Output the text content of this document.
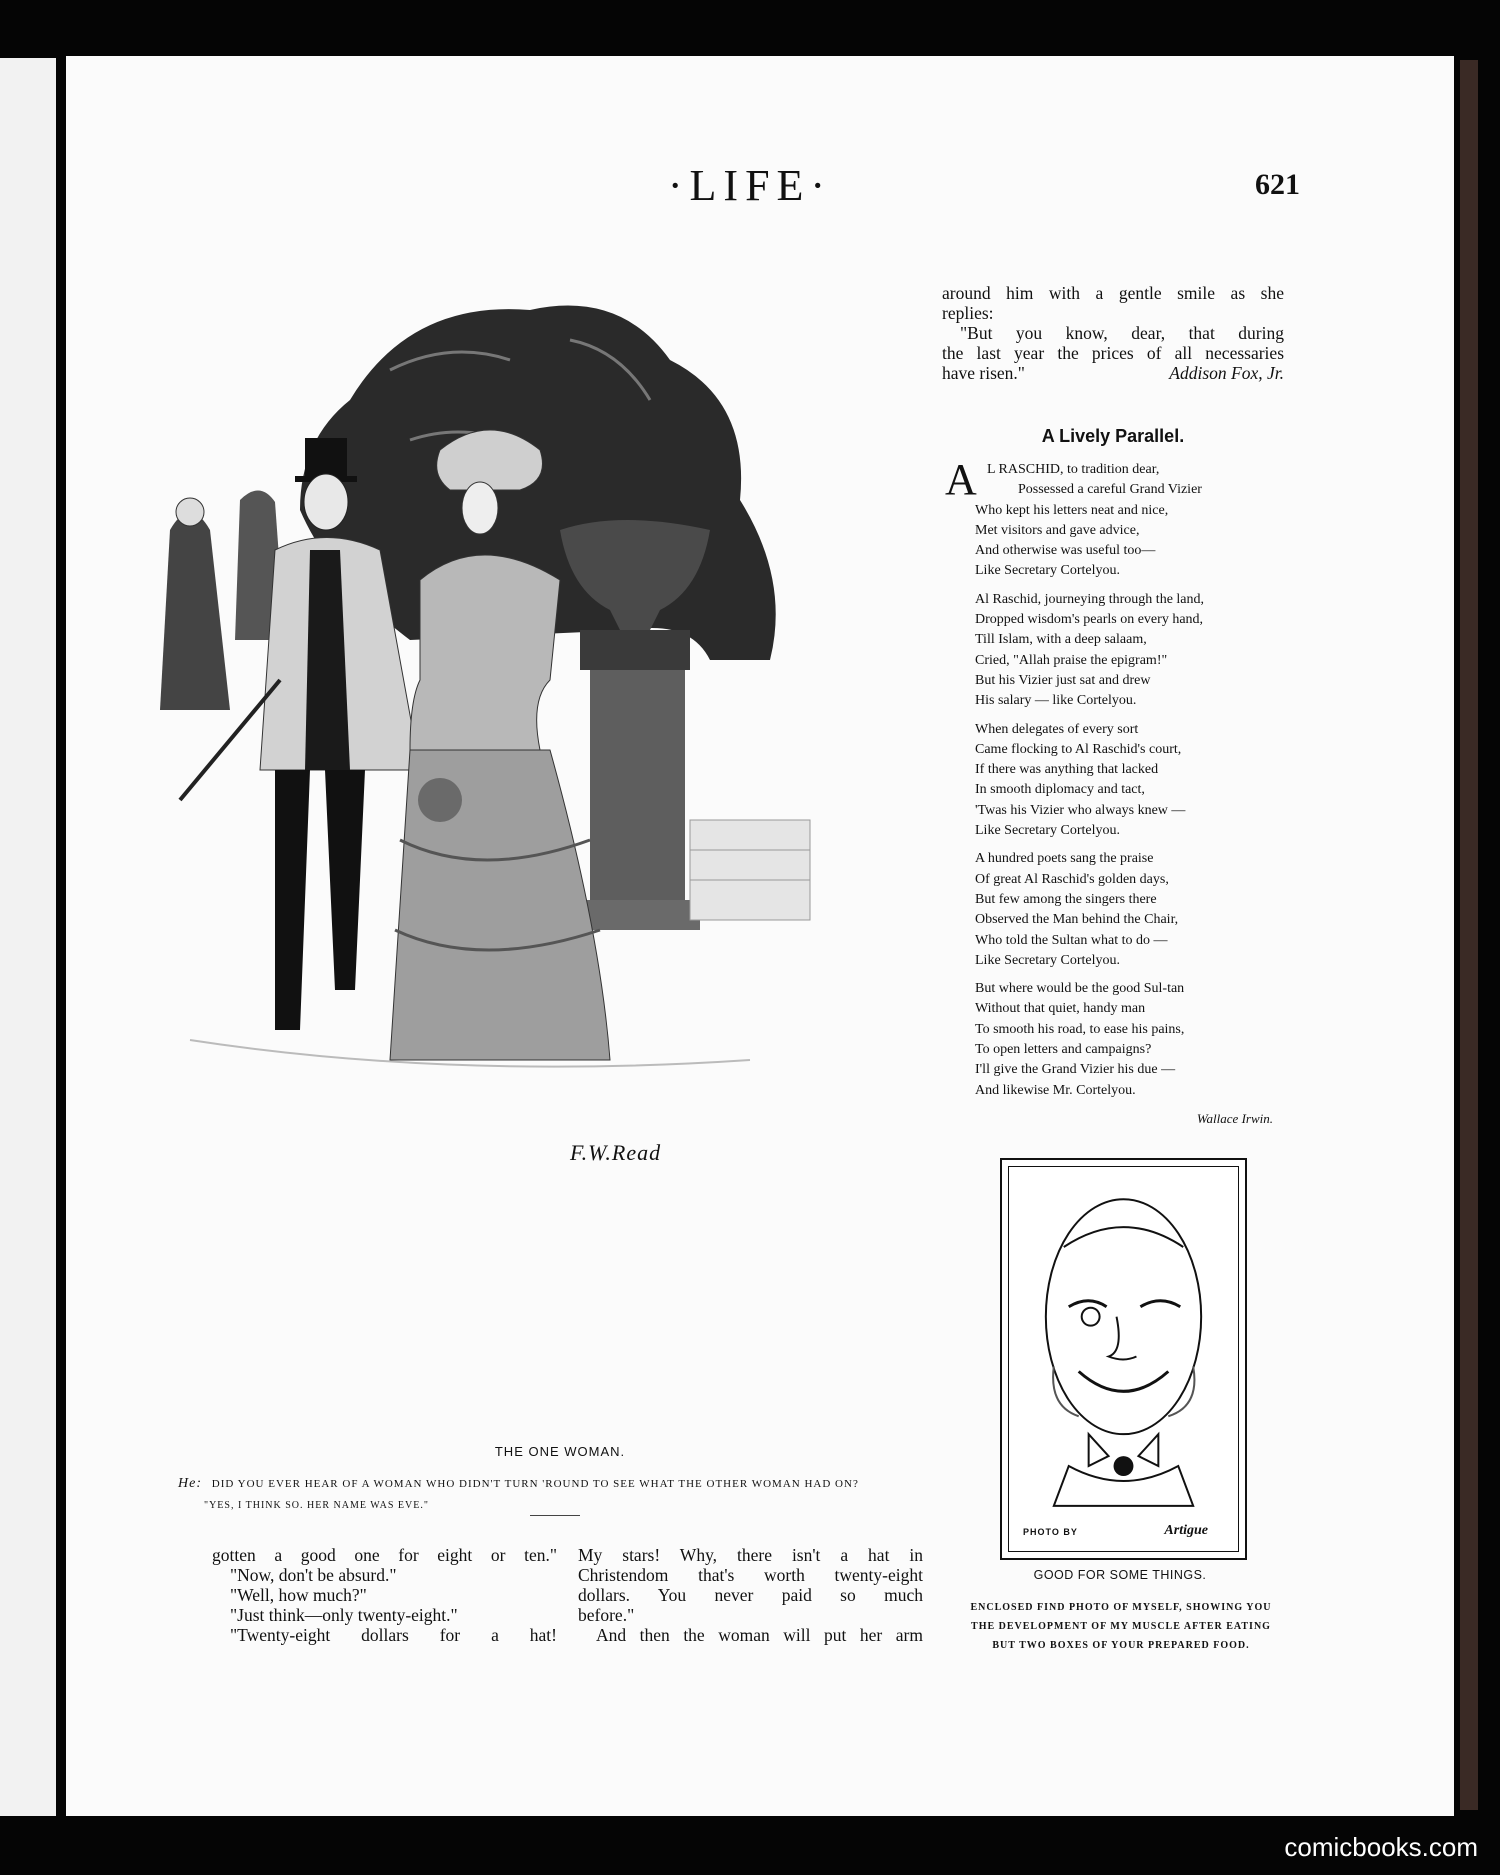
·LIFE·	621
F.W.Read
THE ONE WOMAN.
He: DID YOU EVER HEAR OF A WOMAN WHO DIDN'T TURN 'ROUND TO SEE WHAT THE OTHER WOMAN HAD ON?
"YES, I THINK SO. HER NAME WAS EVE."

gotten a good one for eight or ten."

"Now, don't be absurd."

"Well, how much?"

"Just think—only twenty-eight."

"Twenty-eight dollars for a hat!

My stars! Why, there isn't a hat in

Christendom that's worth twenty-eight

dollars. You never paid so much

before."

And then the woman will put her arm

around him with a gentle smile as she

replies:

"But you know, dear, that during

the last year the prices of all necessaries

have risen."	Addison Fox, Jr.

A Lively Parallel.
A L RASCHID, to tradition dear,
Possessed a careful Grand Vizier
Who kept his letters neat and nice,
Met visitors and gave advice,
And otherwise was useful too—
Like Secretary Cortelyou.
Al Raschid, journeying through the land,
Dropped wisdom's pearls on every hand,
Till Islam, with a deep salaam,
Cried, "Allah praise the epigram!"
But his Vizier just sat and drew
His salary — like Cortelyou.
When delegates of every sort
Came flocking to Al Raschid's court,
If there was anything that lacked
In smooth diplomacy and tact,
'Twas his Vizier who always knew —
Like Secretary Cortelyou.
A hundred poets sang the praise
Of great Al Raschid's golden days,
But few among the singers there
Observed the Man behind the Chair,
Who told the Sultan what to do —
Like Secretary Cortelyou.
But where would be the good Sul-tan
Without that quiet, handy man
To smooth his road, to ease his pains,
To open letters and campaigns?
I'll give the Grand Vizier his due —
And likewise Mr. Cortelyou.
Wallace Irwin.
PHOTO BY	Artigue
GOOD FOR SOME THINGS.
ENCLOSED FIND PHOTO OF MYSELF, SHOWING YOU
THE DEVELOPMENT OF MY MUSCLE AFTER EATING
BUT TWO BOXES OF YOUR PREPARED FOOD.
comicbooks.com
